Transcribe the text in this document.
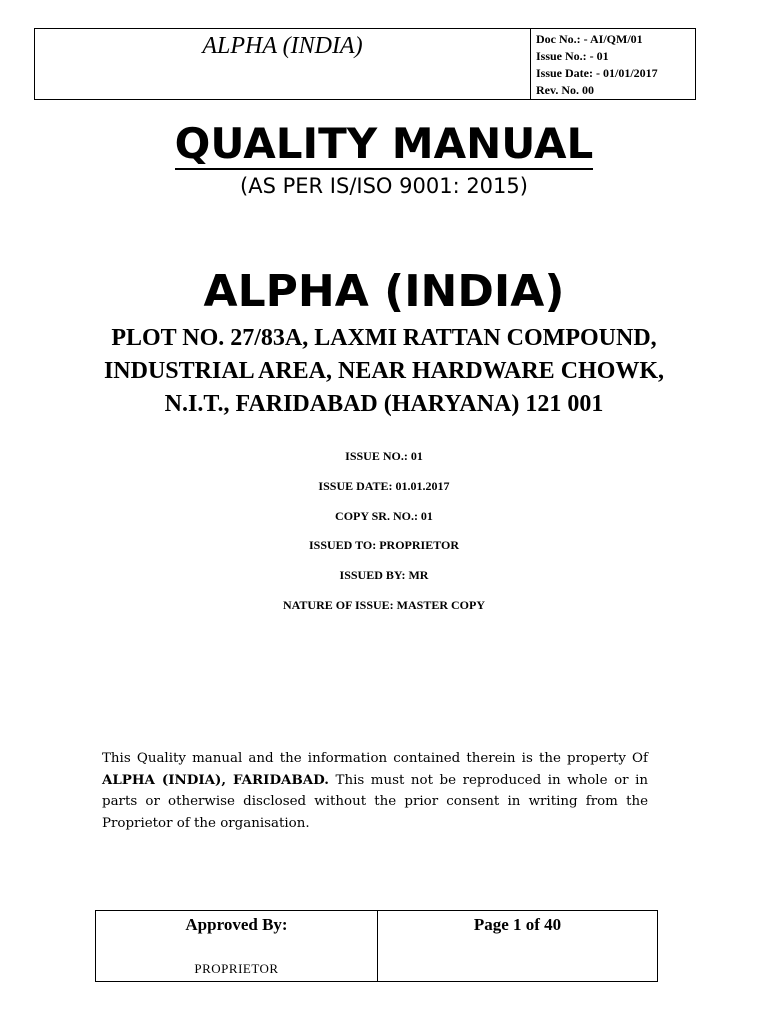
ALPHA (INDIA)	Doc No.: - AI/QM/01
Issue No.: - 01
Issue Date: - 01/01/2017
Rev. No. 00
QUALITY MANUAL
(AS PER IS/ISO 9001: 2015)
ALPHA (INDIA)
PLOT NO. 27/83A, LAXMI RATTAN COMPOUND,
INDUSTRIAL AREA, NEAR HARDWARE CHOWK,
N.I.T., FARIDABAD (HARYANA) 121 001
ISSUE NO.: 01
ISSUE DATE: 01.01.2017
COPY SR. NO.: 01
ISSUED TO: PROPRIETOR
ISSUED BY: MR
NATURE OF ISSUE: MASTER COPY
This Quality manual and the information contained therein is the property Of ALPHA (INDIA), FARIDABAD. This must not be reproduced in whole or in parts or otherwise disclosed without the prior consent in writing from the Proprietor of the organisation.
Approved By:
PROPRIETOR
Page 1 of 40
